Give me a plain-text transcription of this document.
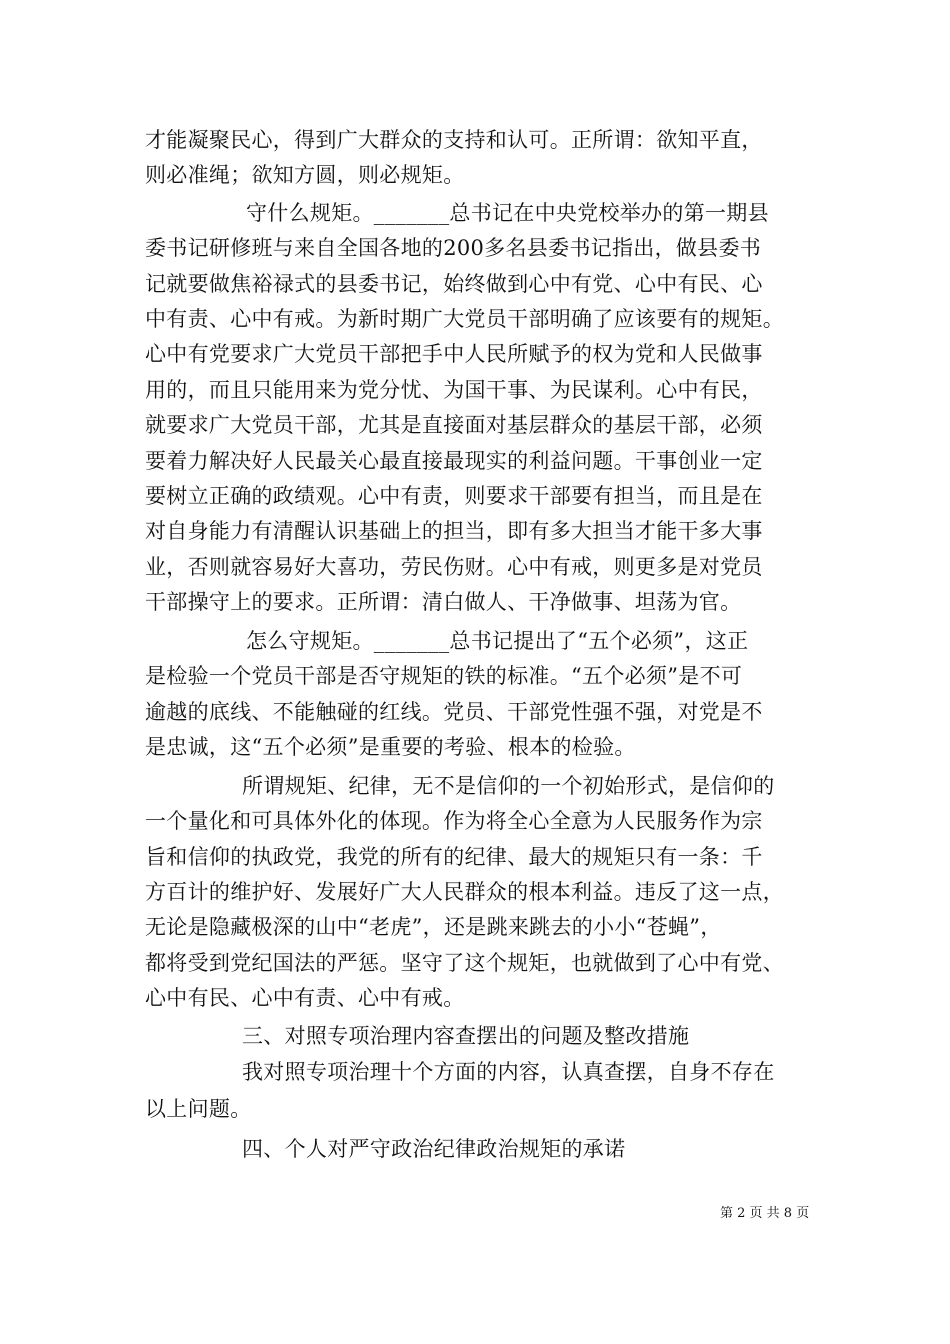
才能凝聚民心，得到广大群众的支持和认可。正所谓：欲知平直，
则必准绳；欲知方圆，则必规矩。
守什么规矩。_______总书记在中央党校举办的第一期县
委书记研修班与来自全国各地的200多名县委书记指出，做县委书
记就要做焦裕禄式的县委书记，始终做到心中有党、心中有民、心
中有责、心中有戒。为新时期广大党员干部明确了应该要有的规矩。
心中有党要求广大党员干部把手中人民所赋予的权为党和人民做事
用的，而且只能用来为党分忧、为国干事、为民谋利。心中有民，
就要求广大党员干部，尤其是直接面对基层群众的基层干部，必须
要着力解决好人民最关心最直接最现实的利益问题。干事创业一定
要树立正确的政绩观。心中有责，则要求干部要有担当，而且是在
对自身能力有清醒认识基础上的担当，即有多大担当才能干多大事
业，否则就容易好大喜功，劳民伤财。心中有戒，则更多是对党员
干部操守上的要求。正所谓：清白做人、干净做事、坦荡为官。
怎么守规矩。_______总书记提出了“五个必须”，这正
是检验一个党员干部是否守规矩的铁的标准。“五个必须”是不可
逾越的底线、不能触碰的红线。党员、干部党性强不强，对党是不
是忠诚，这“五个必须”是重要的考验、根本的检验。
所谓规矩、纪律，无不是信仰的一个初始形式，是信仰的
一个量化和可具体外化的体现。作为将全心全意为人民服务作为宗
旨和信仰的执政党，我党的所有的纪律、最大的规矩只有一条：千
方百计的维护好、发展好广大人民群众的根本利益。违反了这一点，
无论是隐藏极深的山中“老虎”，还是跳来跳去的小小“苍蝇”，
都将受到党纪国法的严惩。坚守了这个规矩，也就做到了心中有党、
心中有民、心中有责、心中有戒。
三、对照专项治理内容查摆出的问题及整改措施
我对照专项治理十个方面的内容，认真查摆，自身不存在
以上问题。
四、个人对严守政治纪律政治规矩的承诺
第 2 页 共 8 页
